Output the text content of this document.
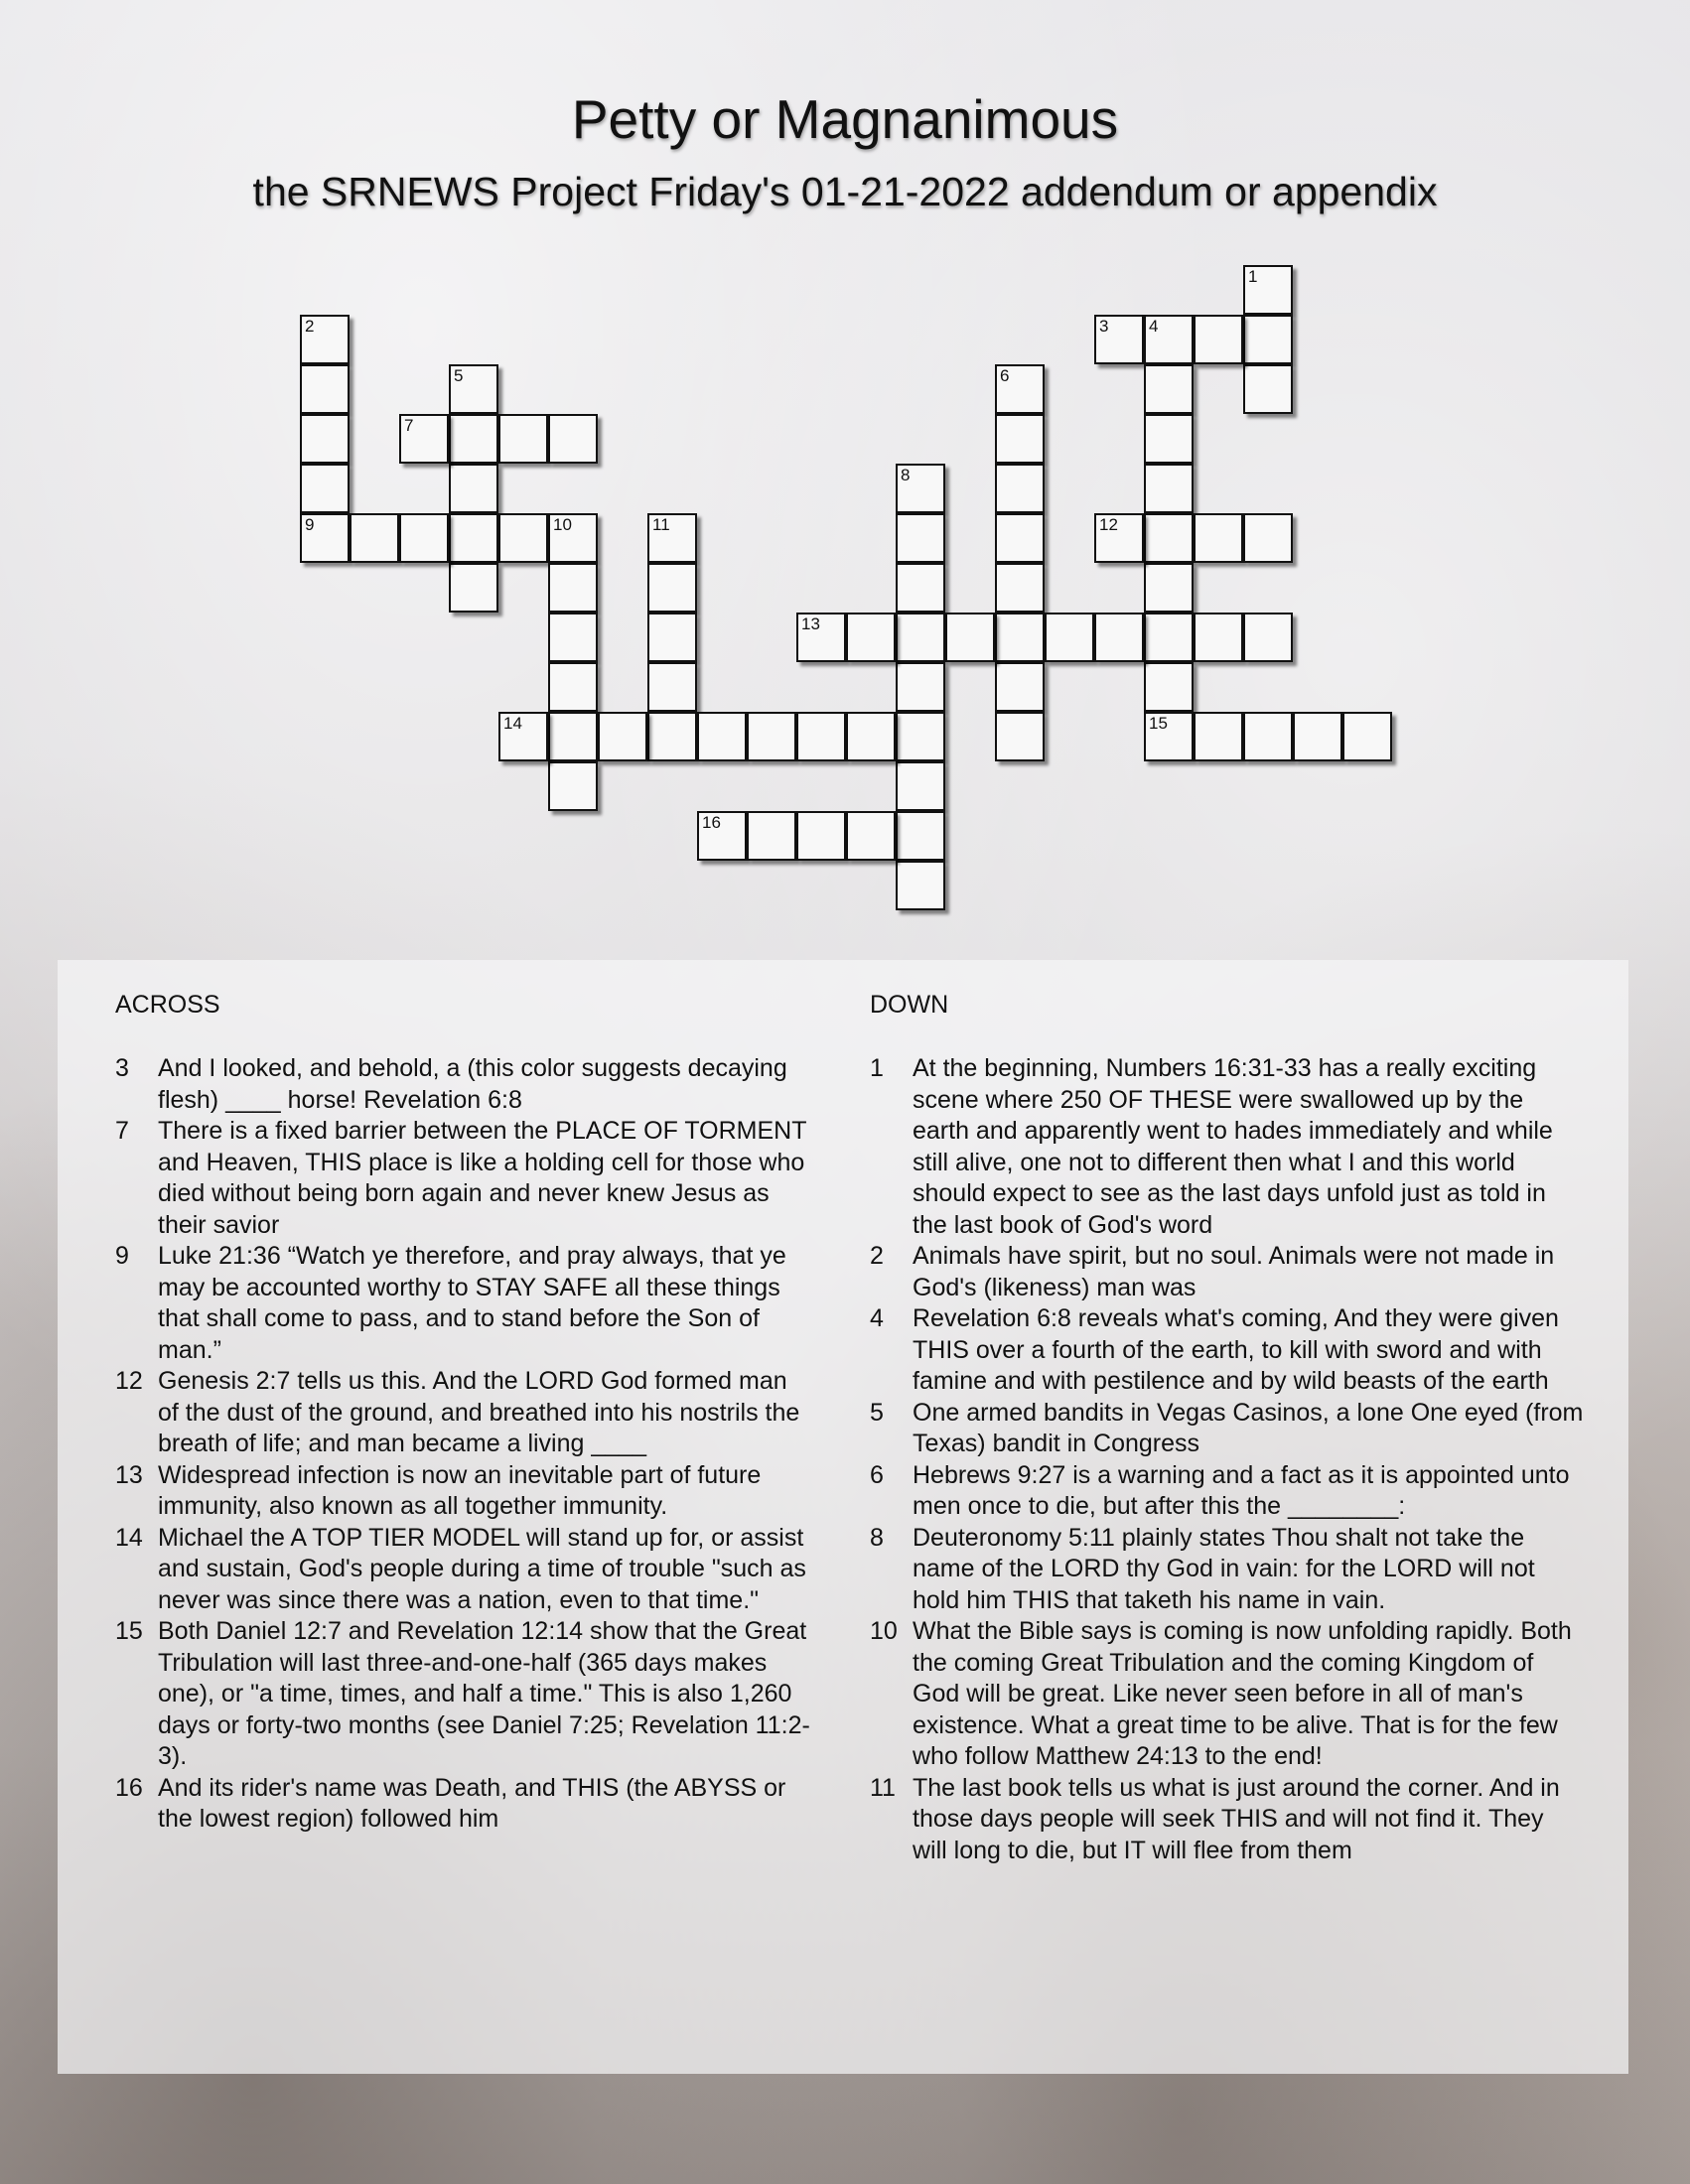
Petty or Magnanimous
the SRNEWS Project Friday's 01-21-2022 addendum or appendix
1
2
9
3 4
15
5	6
7
8
10	11	12
13
14
16
ACROSS
3	And I looked, and behold, a (this color suggests decaying flesh) ____ horse! Revelation 6:8
7	There is a fixed barrier between the PLACE OF TORMENT and Heaven, THIS place is like a holding cell for those who died without being born again and never knew Jesus as their savior
9	Luke 21:36 “Watch ye therefore, and pray always, that ye may be accounted worthy to STAY SAFE all these things that shall come to pass, and to stand before the Son of man.”
12 Genesis 2:7 tells us this. And the LORD God formed man of the dust of the ground, and breathed into his nostrils the breath of life; and man became a living ____
13 Widespread infection is now an inevitable part of future immunity, also known as all together immunity.
14 Michael the A TOP TIER MODEL will stand up for, or assist and sustain, God's people during a time of trouble "such as never was since there was a nation, even to that time."
15 Both Daniel 12:7 and Revelation 12:14 show that the Great Tribulation will last three-and-one-half (365 days makes one), or "a time, times, and half a time." This is also 1,260 days or forty-two months (see Daniel 7:25; Revelation 11:2-3).
16 And its rider's name was Death, and THIS (the ABYSS or the lowest region) followed him
DOWN
1	At the beginning, Numbers 16:31-33 has a really exciting scene where 250 OF THESE were swallowed up by the earth and apparently went to hades immediately and while still alive, one not to different then what I and this world should expect to see as the last days unfold just as told in the last book of God's word
2	Animals have spirit, but no soul. Animals were not made in God's (likeness) man was
4	Revelation 6:8 reveals what's coming, And they were given THIS over a fourth of the earth, to kill with sword and with famine and with pestilence and by wild beasts of the earth
5	One armed bandits in Vegas Casinos, a lone One eyed (from Texas) bandit in Congress
6	Hebrews 9:27 is a warning and a fact as it is appointed unto men once to die, but after this the ________:
8	Deuteronomy 5:11 plainly states Thou shalt not take the name of the LORD thy God in vain: for the LORD will not hold him THIS that taketh his name in vain.
10 What the Bible says is coming is now unfolding rapidly. Both the coming Great Tribulation and the coming Kingdom of God will be great. Like never seen before in all of man's existence. What a great time to be alive. That is for the few who follow Matthew 24:13 to the end!
11 The last book tells us what is just around the corner. And in those days people will seek THIS and will not find it. They will long to die, but IT will flee from them
